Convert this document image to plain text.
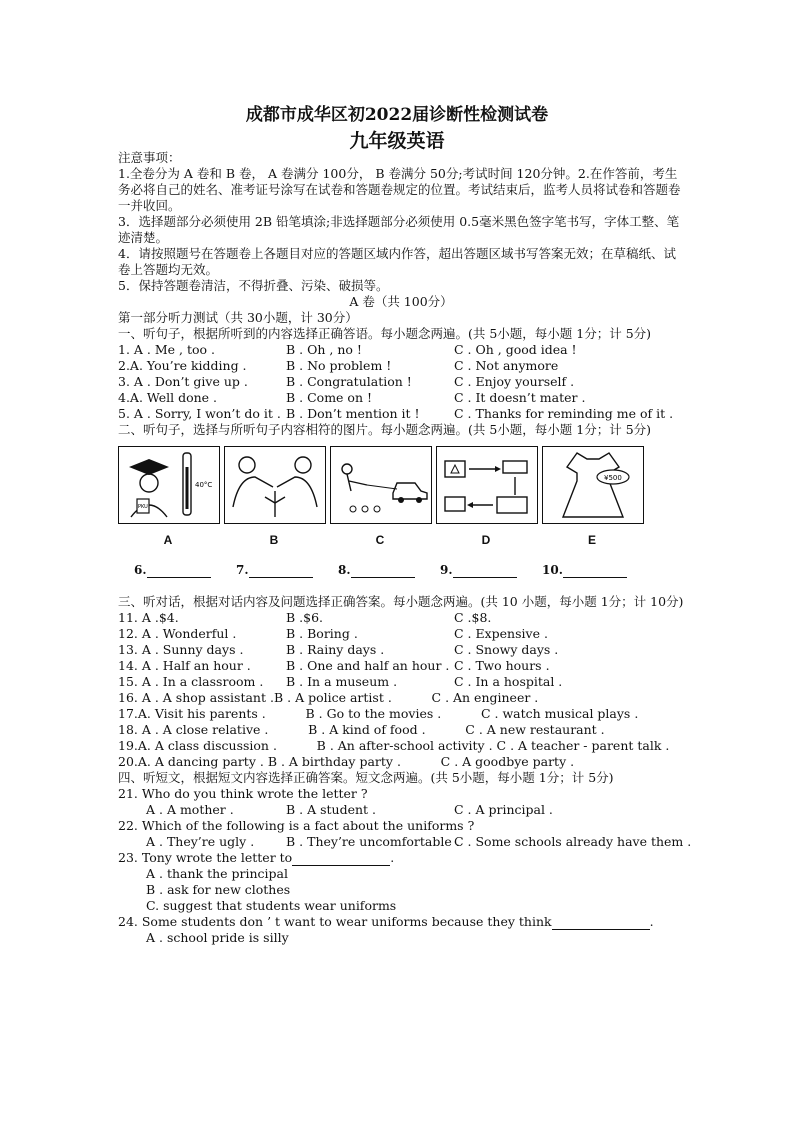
成都市成华区初2022届诊断性检测试卷
九年级英语
注意事项：
1.全卷分为 A 卷和 B 卷， A 卷满分 100分， B 卷满分 50分;考试时间 120分钟。2.在作答前，考生务必将自己的姓名、准考证号涂写在试卷和答题卷规定的位置。考试结束后，监考人员将试卷和答题卷一并收回。
3．选择题部分必须使用 2B 铅笔填涂;非选择题部分必须使用 0.5毫米黑色签字笔书写，字体工整、笔迹清楚。
4．请按照题号在答题卷上各题目对应的答题区域内作答，超出答题区域书写答案无效；在草稿纸、试卷上答题均无效。
5．保持答题卷清洁，不得折叠、污染、破损等。
A 卷（共 100分）
第一部分听力测试（共 30小题，计 30分）
一、听句子，根据所听到的内容选择正确答语。每小题念两遍。(共 5小题，每小题 1分；计 5分)
1. A . Me , too .	B . Oh , no !	C . Oh , good idea !
2.A. You’re kidding .	B . No problem !	C . Not anymore
3. A . Don’t give up .	B . Congratulation !	C . Enjoy yourself .
4.A. Well done .	B . Come on !	C . It doesn’t mater .
5. A . Sorry, I won’t do it . B . Don’t mention it !	C . Thanks for reminding me of it .
二、听句子，选择与所听句子内容相符的图片。每小题念两遍。(共 5小题，每小题 1分；计 5分)
PKU
40°C
¥500
A	B	C	D	E
6.	7.	8.	9.	10.
三、听对话，根据对话内容及问题选择正确答案。每小题念两遍。(共 10 小题，每小题 1分；计 10分)
11. A .$4.	B .$6.	C .$8.
12. A . Wonderful .	B . Boring .	C . Expensive .
13. A . Sunny days .	B . Rainy days .	C . Snowy days .
14. A . Half an hour .	B . One and half an hour . C . Two hours .
15. A . In a classroom . B . In a museum .	C . In a hospital .
16. A . A shop assistant .B . A police artist .          C . An engineer .
17.A. Visit his parents .          B . Go to the movies .          C . watch musical plays .
18. A . A close relative .          B . A kind of food .          C . A new restaurant .
19.A. A class discussion .          B . An after-school activity . C . A teacher - parent talk .
20.A. A dancing party . B . A birthday party .          C . A goodbye party .
四、听短文，根据短文内容选择正确答案。短文念两遍。(共 5小题，每小题 1分；计 5分)
21. Who do you think wrote the letter ?
A . A mother .	B . A student .	C . A principal .
22. Which of the following is a fact about the uniforms ?
A . They’re ugly .	B . They’re uncomfortable .
C . Some schools already have them .
23. Tony wrote the letter to	.
A . thank the principal
B . ask for new clothes
C. suggest that students wear uniforms
24. Some students don ’ t want to wear uniforms because they think	.
A . school pride is silly
